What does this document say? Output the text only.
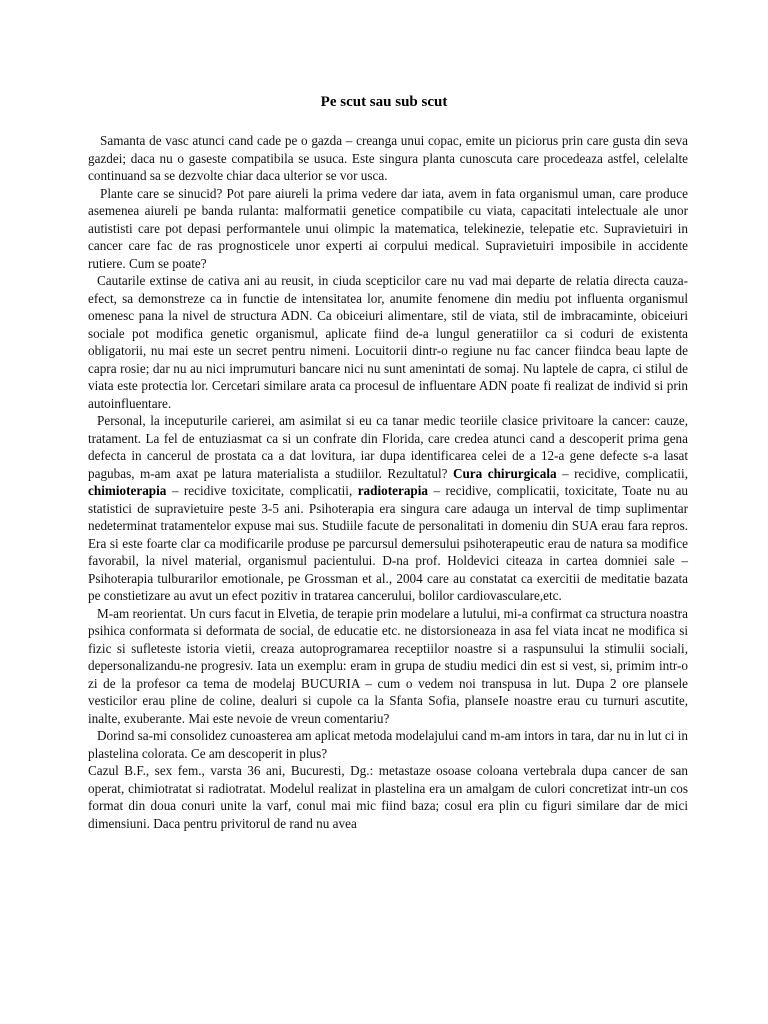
Pe scut sau sub scut

Samanta de vasc atunci cand cade pe o gazda – creanga unui copac, emite un piciorus prin care gusta din seva gazdei; daca nu o gaseste compatibila se usuca. Este singura planta cunoscuta care procedeaza astfel, celelalte continuand sa se dezvolte chiar daca ulterior se vor usca.

Plante care se sinucid? Pot pare aiureli la prima vedere dar iata, avem in fata organismul uman, care produce asemenea aiureli pe banda rulanta: malformatii genetice compatibile cu viata, capacitati intelectuale ale unor autististi care pot depasi performantele unui olimpic la matematica, telekinezie, telepatie etc. Supravietuiri in cancer care fac de ras prognosticele unor experti ai corpului medical. Supravietuiri imposibile in accidente rutiere. Cum se poate?

Cautarile extinse de cativa ani au reusit, in ciuda scepticilor care nu vad mai departe de relatia directa cauza-efect, sa demonstreze ca in functie de intensitatea lor, anumite fenomene din mediu pot influenta organismul omenesc pana la nivel de structura ADN. Ca obiceiuri alimentare, stil de viata, stil de imbracaminte, obiceiuri sociale pot modifica genetic organismul, aplicate fiind de-a lungul generatiilor ca si coduri de existenta obligatorii, nu mai este un secret pentru nimeni. Locuitorii dintr-o regiune nu fac cancer fiindca beau lapte de capra rosie; dar nu au nici imprumuturi bancare nici nu sunt amenintati de somaj. Nu laptele de capra, ci stilul de viata este protectia lor. Cercetari similare arata ca procesul de influentare ADN poate fi realizat de individ si prin autoinfluentare.

Personal, la inceputurile carierei, am asimilat si eu ca tanar medic teoriile clasice privitoare la cancer: cauze, tratament. La fel de entuziasmat ca si un confrate din Florida, care credea atunci cand a descoperit prima gena defecta in cancerul de prostata ca a dat lovitura, iar dupa identificarea celei de a 12-a gene defecte s-a lasat pagubas, m-am axat pe latura materialista a studiilor. Rezultatul? Cura chirurgicala – recidive, complicatii, chimioterapia – recidive toxicitate, complicatii, radioterapia – recidive, complicatii, toxicitate, Toate nu au statistici de supravietuire peste 3-5 ani. Psihoterapia era singura care adauga un interval de timp suplimentar nedeterminat tratamentelor expuse mai sus. Studiile facute de personalitati in domeniu din SUA erau fara repros. Era si este foarte clar ca modificarile produse pe parcursul demersului psihoterapeutic erau de natura sa modifice favorabil, la nivel material, organismul pacientului. D-na prof. Holdevici citeaza in cartea domniei sale – Psihoterapia tulburarilor emotionale, pe Grossman et al., 2004 care au constatat ca exercitii de meditatie bazata pe constietizare au avut un efect pozitiv in tratarea cancerului, bolilor cardiovasculare,etc.

M-am reorientat. Un curs facut in Elvetia, de terapie prin modelare a lutului, mi-a confirmat ca structura noastra psihica conformata si deformata de social, de educatie etc. ne distorsioneaza in asa fel viata incat ne modifica si fizic si sufleteste istoria vietii, creaza autoprogramarea receptiilor noastre si a raspunsului la stimulii sociali, depersonalizandu-ne progresiv. Iata un exemplu: eram in grupa de studiu medici din est si vest, si, primim intr-o zi de la profesor ca tema de modelaj BUCURIA – cum o vedem noi transpusa in lut. Dupa 2 ore plansele vesticilor erau pline de coline, dealuri si cupole ca la Sfanta Sofia, planseIe noastre erau cu turnuri ascutite, inalte, exuberante. Mai este nevoie de vreun comentariu?

Dorind sa-mi consolidez cunoasterea am aplicat metoda modelajului cand m-am intors in tara, dar nu in lut ci in plastelina colorata. Ce am descoperit in plus?

Cazul B.F., sex fem., varsta 36 ani, Bucuresti, Dg.: metastaze osoase coloana vertebrala dupa cancer de san operat, chimiotratat si radiotratat. Modelul realizat in plastelina era un amalgam de culori concretizat intr-un cos format din doua conuri unite la varf, conul mai mic fiind baza; cosul era plin cu figuri similare dar de mici dimensiuni. Daca pentru privitorul de rand nu avea
